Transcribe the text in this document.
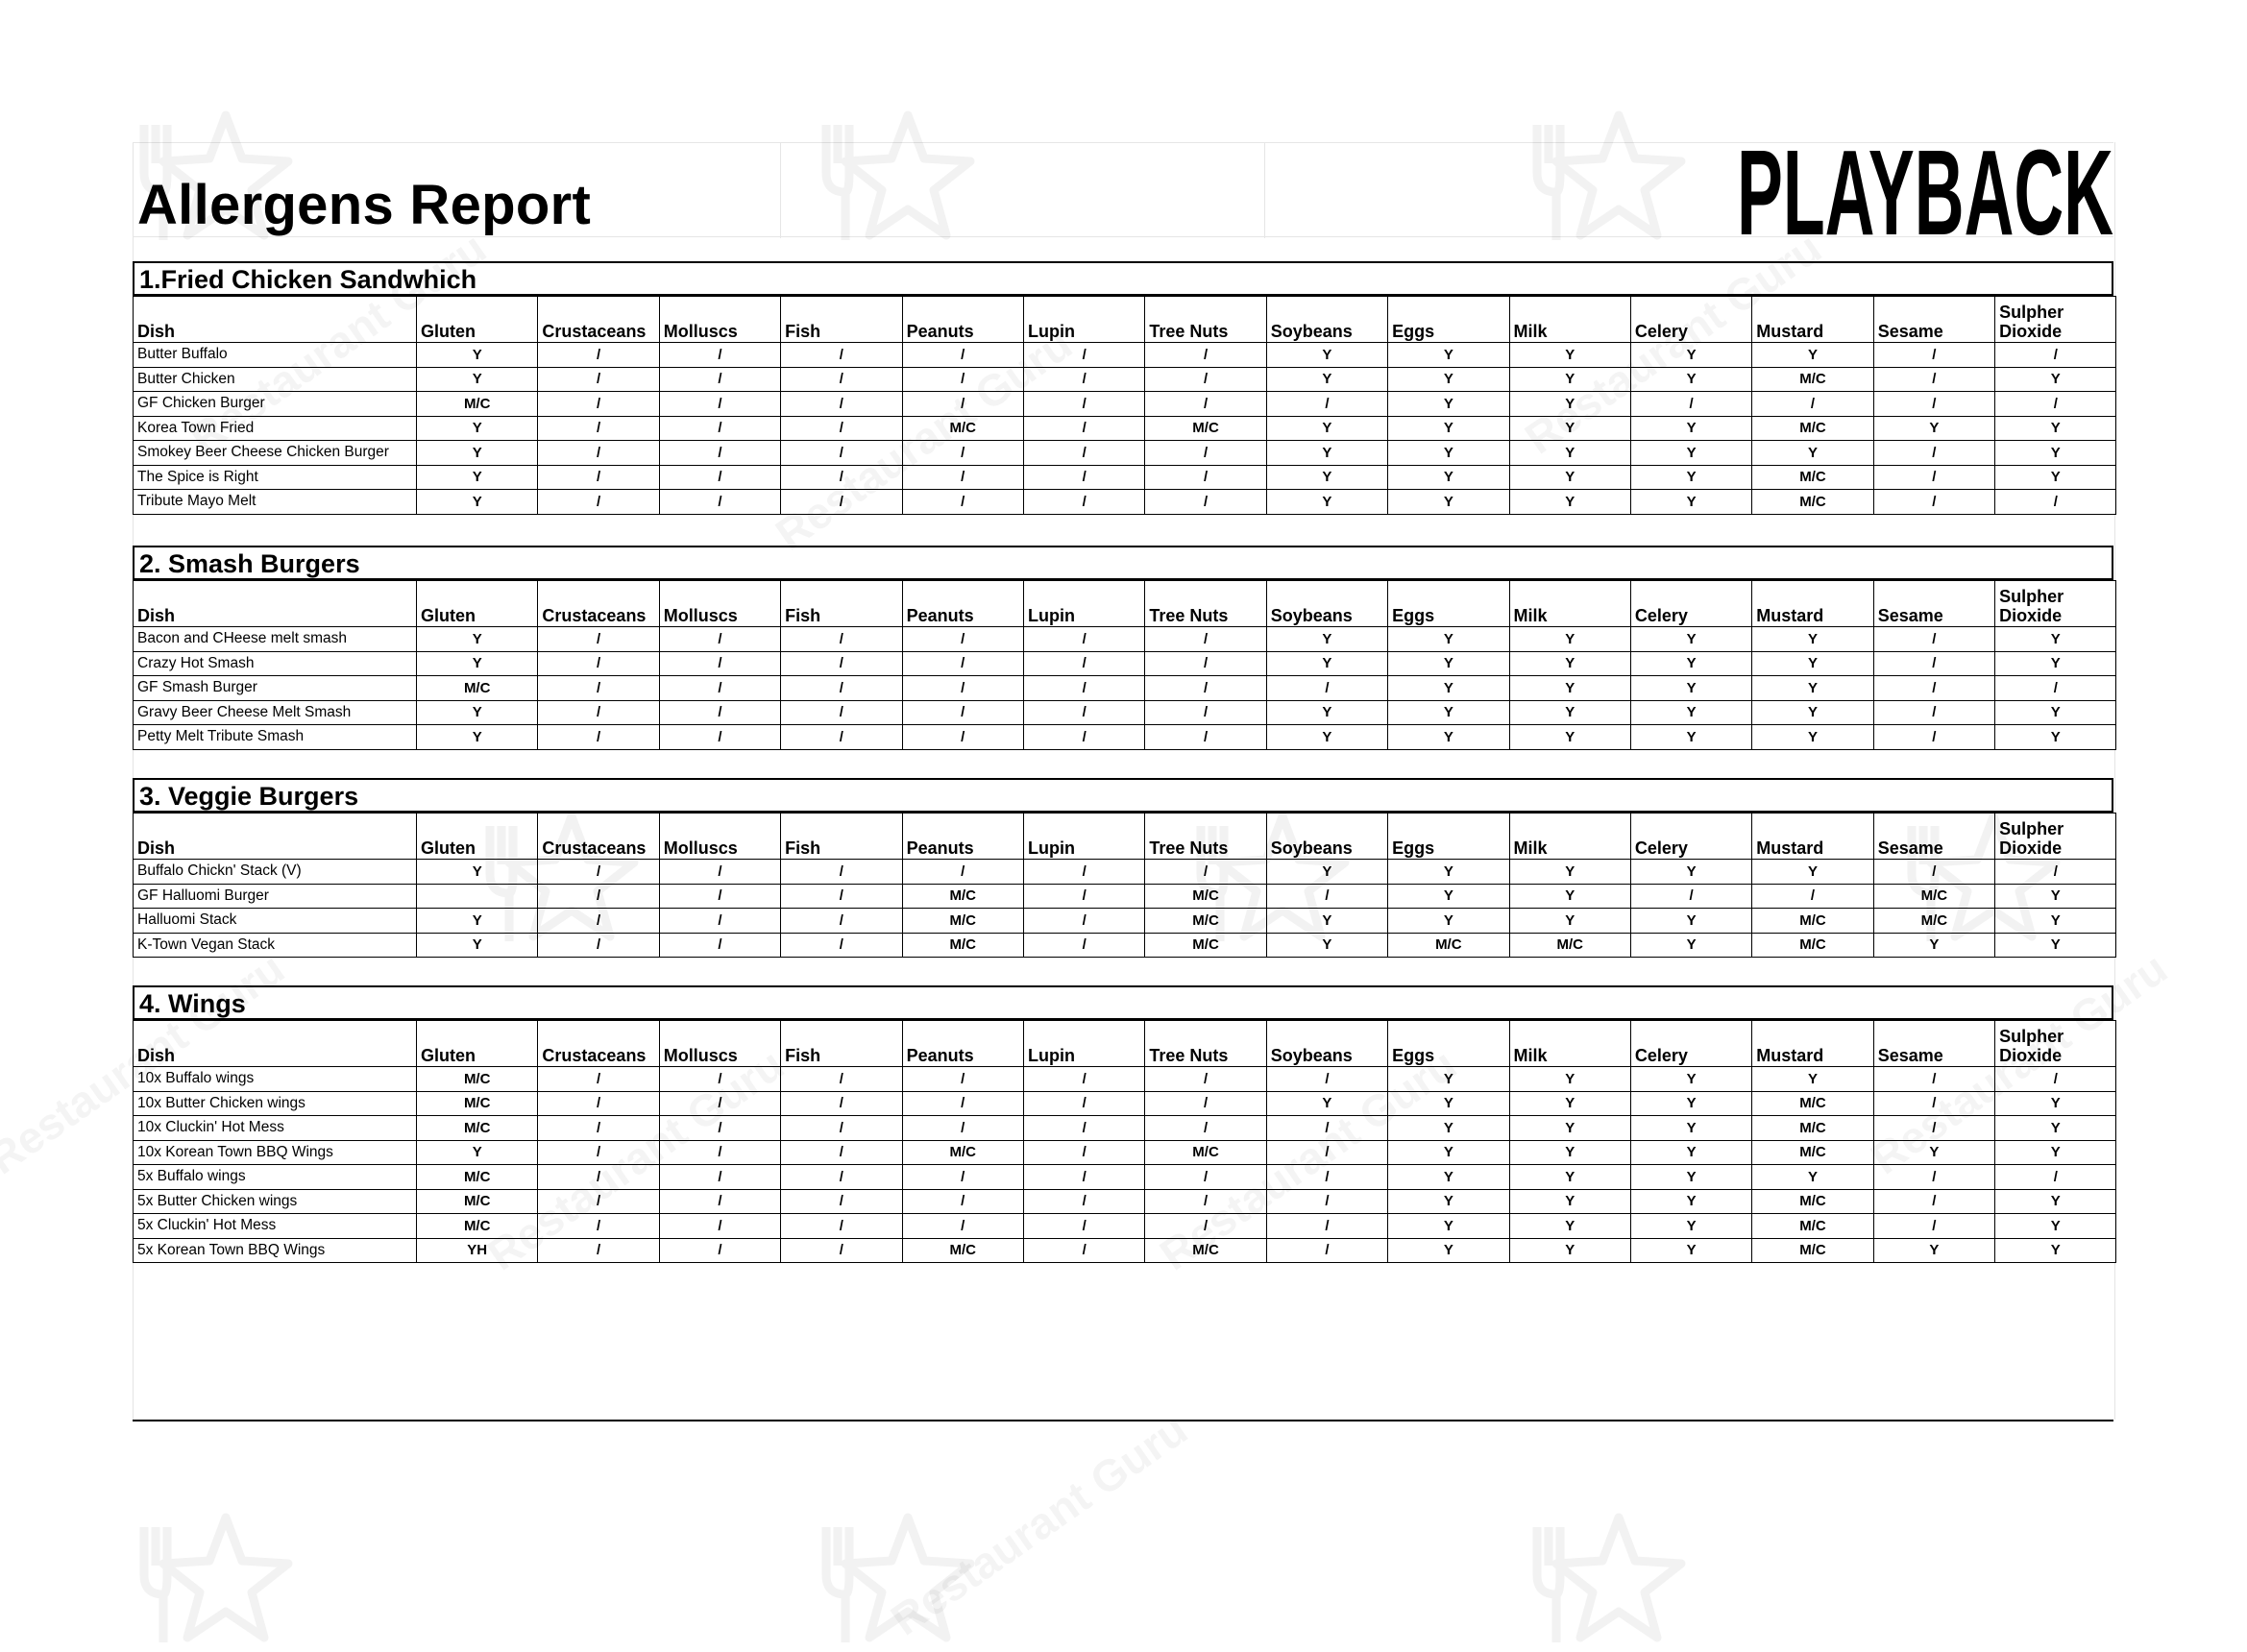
Allergens Report	PLAYBACK
1.Fried Chicken Sandwhich
Dish	Gluten	Crustaceans	Molluscs	Fish	Peanuts	Lupin	Tree Nuts	Soybeans	Eggs	Milk	Celery	Mustard	Sesame	Sulpher Dioxide
Butter Buffalo	Y	/	/	/	/	/	/	Y	Y	Y	Y	Y	/	/
Butter Chicken	Y	/	/	/	/	/	/	Y	Y	Y	Y	M/C	/	Y
GF Chicken Burger	M/C	/	/	/	/	/	/	/	Y	Y	/	/	/	/
Korea Town Fried	Y	/	/	/	M/C	/	M/C	Y	Y	Y	Y	M/C	Y	Y
Smokey Beer Cheese Chicken Burger	Y	/	/	/	/	/	/	Y	Y	Y	Y	Y	/	Y
The Spice is Right	Y	/	/	/	/	/	/	Y	Y	Y	Y	M/C	/	Y
Tribute Mayo Melt	Y	/	/	/	/	/	/	Y	Y	Y	Y	M/C	/	/
2. Smash Burgers
Dish	Gluten	Crustaceans	Molluscs	Fish	Peanuts	Lupin	Tree Nuts	Soybeans	Eggs	Milk	Celery	Mustard	Sesame	Sulpher Dioxide
Bacon and CHeese melt smash	Y	/	/	/	/	/	/	Y	Y	Y	Y	Y	/	Y
Crazy Hot Smash	Y	/	/	/	/	/	/	Y	Y	Y	Y	Y	/	Y
GF Smash Burger	M/C	/	/	/	/	/	/	/	Y	Y	Y	Y	/	/
Gravy Beer Cheese Melt Smash	Y	/	/	/	/	/	/	Y	Y	Y	Y	Y	/	Y
Petty Melt Tribute Smash	Y	/	/	/	/	/	/	Y	Y	Y	Y	Y	/	Y
3. Veggie Burgers
Dish	Gluten	Crustaceans	Molluscs	Fish	Peanuts	Lupin	Tree Nuts	Soybeans	Eggs	Milk	Celery	Mustard	Sesame	Sulpher Dioxide
Buffalo Chickn' Stack (V)	Y	/	/	/	/	/	/	Y	Y	Y	Y	Y	/	/
GF Halluomi Burger		/	/	/	M/C	/	M/C	/	Y	Y	/	/	M/C	Y
Halluomi Stack	Y	/	/	/	M/C	/	M/C	Y	Y	Y	Y	M/C	M/C	Y
K-Town Vegan Stack	Y	/	/	/	M/C	/	M/C	Y	M/C	M/C	Y	M/C	Y	Y
4. Wings
Dish	Gluten	Crustaceans	Molluscs	Fish	Peanuts	Lupin	Tree Nuts	Soybeans	Eggs	Milk	Celery	Mustard	Sesame	Sulpher Dioxide
10x Buffalo wings	M/C	/	/	/	/	/	/	/	Y	Y	Y	Y	/	/
10x Butter Chicken wings	M/C	/	/	/	/	/	/	Y	Y	Y	Y	M/C	/	Y
10x Cluckin' Hot Mess	M/C	/	/	/	/	/	/	/	Y	Y	Y	M/C	/	Y
10x Korean Town BBQ Wings	Y	/	/	/	M/C	/	M/C	/	Y	Y	Y	M/C	Y	Y
5x Buffalo wings	M/C	/	/	/	/	/	/	/	Y	Y	Y	Y	/	/
5x Butter Chicken wings	M/C	/	/	/	/	/	/	/	Y	Y	Y	M/C	/	Y
5x Cluckin' Hot Mess	M/C	/	/	/	/	/	/	/	Y	Y	Y	M/C	/	Y
5x Korean Town BBQ Wings	YH	/	/	/	M/C	/	M/C	/	Y	Y	Y	M/C	Y	Y
